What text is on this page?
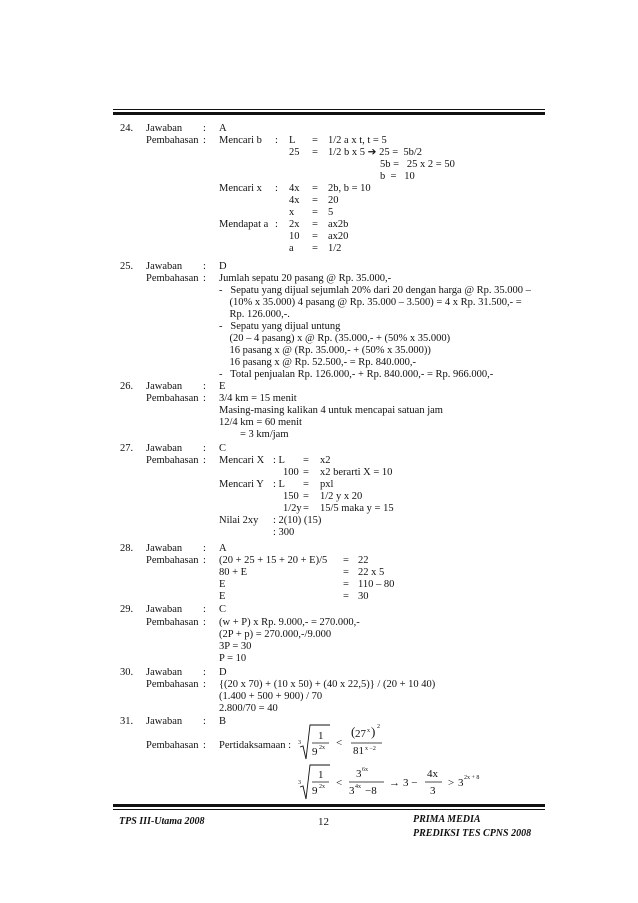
24. Jawaban : A
Pembahasan : Mencari b : L = 1/2 a x t, t = 5
25 = 1/2 b x 5 ➔ 25 =  5b/2
5b =   25 x 2 = 50
b  =   10
Mencari x : 4x = 2b, b = 10
4x = 20
x = 5
Mendapat a : 2x = ax2b
10 = ax20
a = 1/2
25. Jawaban : D
Pembahasan : Jumlah sepatu 20 pasang @ Rp. 35.000,-
-   Sepatu yang dijual sejumlah 20% dari 20 dengan harga @ Rp. 35.000 –
(10% x 35.000) 4 pasang @ Rp. 35.000 – 3.500) = 4 x Rp. 31.500,- =
Rp. 126.000,-.
-   Sepatu yang dijual untung
(20 – 4 pasang) x @ Rp. (35.000,- + (50% x 35.000)
16 pasang x @ (Rp. 35.000,- + (50% x 35.000))
16 pasang x @ Rp. 52.500,- = Rp. 840.000,-
-   Total penjualan Rp. 126.000,- + Rp. 840.000,- = Rp. 966.000,-
26. Jawaban : E
Pembahasan : 3/4 km = 15 menit
Masing-masing kalikan 4 untuk mencapai satuan jam
12/4 km = 60 menit
= 3 km/jam
27. Jawaban : C
Pembahasan : Mencari X : L = x2
100 = x2 berarti X = 10
Mencari Y : L = pxl
150 = 1/2 y x 20
1/2y = 15/5 maka y = 15
Nilai 2xy : 2(10) (15)
: 300
28. Jawaban : A
Pembahasan : (20 + 25 + 15 + 20 + E)/5 = 22
80 + E	= 22 x 5
E	= 110 – 80
E	= 30
29. Jawaban : C
Pembahasan : (w + P) x Rp. 9.000,- = 270.000,-
(2P + p) = 270.000,-/9.000
3P = 30
P = 10
30. Jawaban : D
Pembahasan : {(20 x 70) + (10 x 50) + (40 x 22,5)} / (20 + 10 40)
(1.400 + 500 + 900) / 70
2.800/70 = 40
31. Jawaban : B
Pembahasan : Pertidaksamaan : 3
1
9 2x <
( 27 x ) 2
81 x −2
3
1
9 2x <
3 6x
3 4x −8
→ 3 −
4x
3
> 3 2x + 8
TPS III-Utama 2008	12	PRIMA MEDIA
PREDIKSI TES CPNS 2008
